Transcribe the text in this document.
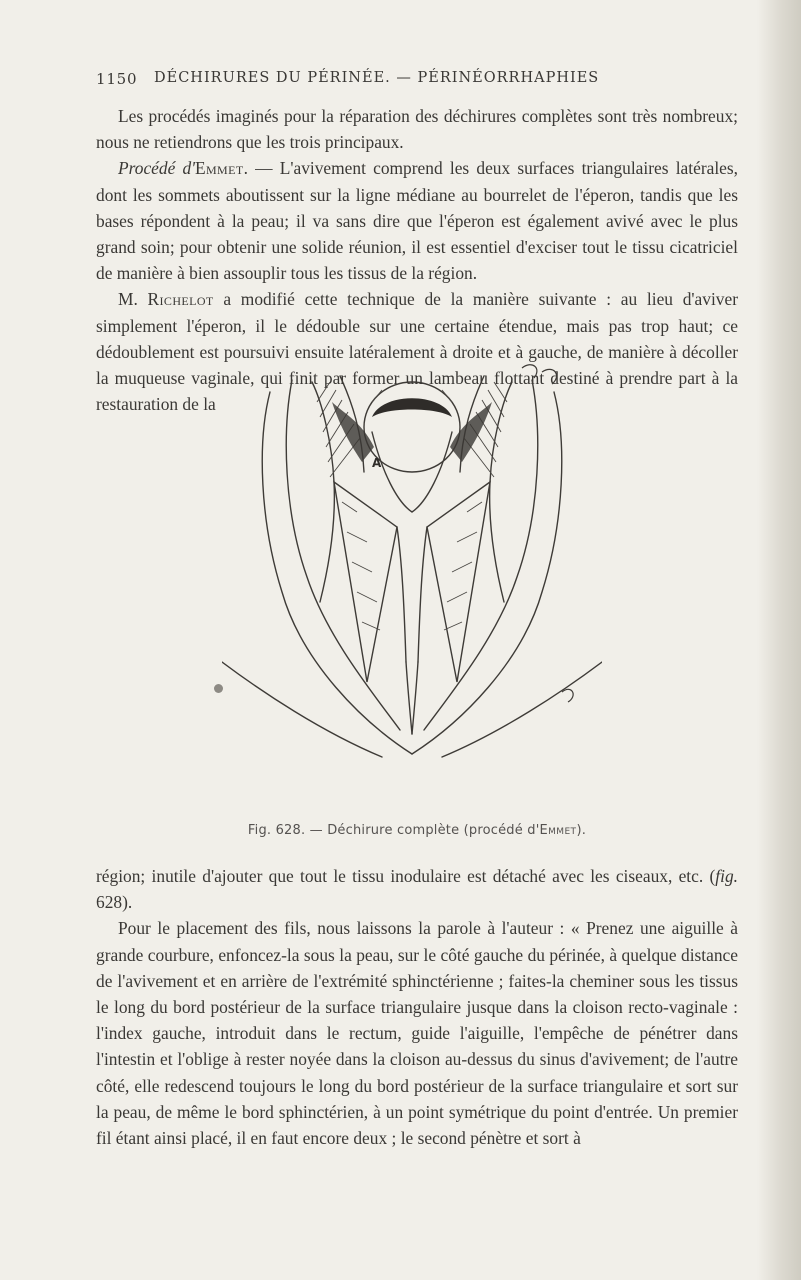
1150 DÉCHIRURES DU PÉRINÉE. — PÉRINÉORRHAPHIES

Les procédés imaginés pour la réparation des déchirures complètes sont très nombreux; nous ne retiendrons que les trois principaux.

Procédé d'Emmet. — L'avivement comprend les deux surfaces triangulaires latérales, dont les sommets aboutissent sur la ligne médiane au bourrelet de l'éperon, tandis que les bases répondent à la peau; il va sans dire que l'éperon est également avivé avec le plus grand soin; pour obtenir une solide réunion, il est essentiel d'exciser tout le tissu cicatriciel de manière à bien assouplir tous les tissus de la région.

M. Richelot a modifié cette technique de la manière suivante : au lieu d'aviver simplement l'éperon, il le dédouble sur une certaine étendue, mais pas trop haut; ce dédoublement est poursuivi ensuite latéralement à droite et à gauche, de manière à décoller la muqueuse vaginale, qui finit par former un lambeau flottant destiné à prendre part à la restauration de la

A
Fig. 628. — Déchirure complète (procédé d'Emmet).

région; inutile d'ajouter que tout le tissu inodulaire est détaché avec les ciseaux, etc. (fig. 628).

Pour le placement des fils, nous laissons la parole à l'auteur : « Prenez une aiguille à grande courbure, enfoncez-la sous la peau, sur le côté gauche du périnée, à quelque distance de l'avivement et en arrière de l'extrémité sphinctérienne ; faites-la cheminer sous les tissus le long du bord postérieur de la surface triangulaire jusque dans la cloison recto-vaginale : l'index gauche, introduit dans le rectum, guide l'aiguille, l'empêche de pénétrer dans l'intestin et l'oblige à rester noyée dans la cloison au-dessus du sinus d'avivement; de l'autre côté, elle redescend toujours le long du bord postérieur de la surface triangulaire et sort sur la peau, de même le bord sphinctérien, à un point symétrique du point d'entrée. Un premier fil étant ainsi placé, il en faut encore deux ; le second pénètre et sort à
